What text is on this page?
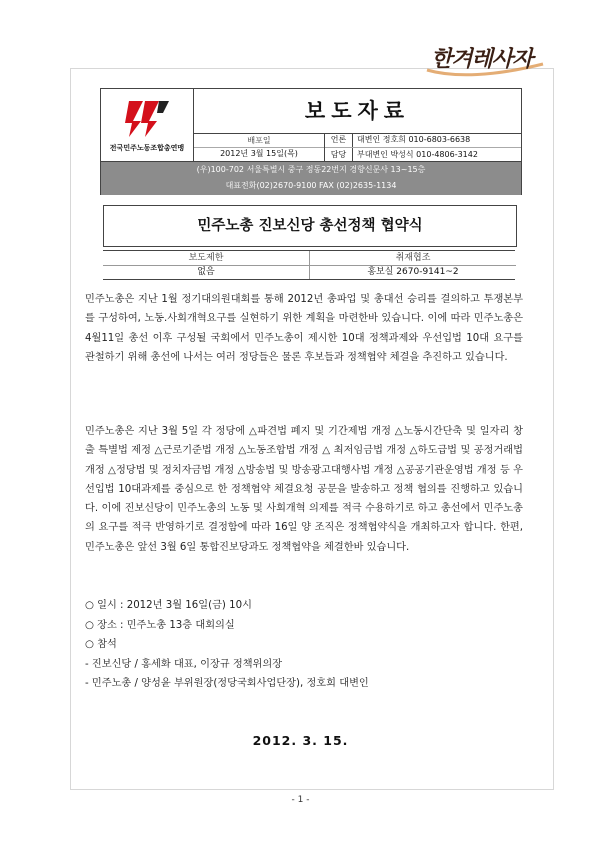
한겨레사자
전국민주노동조합총연맹
보도자료
배포일
2012년 3월 15일(목)
언론
담당
대변인 정호희 010-6803-6638
부대변인 박성식 010-4806-3142
(우)100-702 서울특별시 중구 정동22번지 경향신문사 13~15층
대표전화(02)2670-9100 FAX (02)2635-1134
민주노총 진보신당 총선정책 협약식
보도제한	취재협조
없음	홍보실 2670-9141~2

민주노총은 지난 1월 정기대의원대회를 통해 2012년 총파업 및 총대선 승리를 결의하고 투쟁본부를 구성하여, 노동.사회개혁요구를 실현하기 위한 계획을 마련한바 있습니다. 이에 따라 민주노총은 4월11일 총선 이후 구성될 국회에서 민주노총이 제시한 10대 정책과제와 우선입법 10대 요구를 관철하기 위해 총선에 나서는 여러 정당들은 물론 후보들과 정책협약 체결을 추진하고 있습니다.

민주노총은 지난 3월 5일 각 정당에 △파견법 폐지 및 기간제법 개정 △노동시간단축 및 일자리 창출 특별법 제정 △근로기준법 개정 △노동조합법 개정 △ 최저임금법 개정 △하도급법 및 공정거래법 개정 △정당법 및 정치자금법 개정 △방송법 및 방송광고대행사법 개정 △공공기관운영법 개정 등 우선입법 10대과제를 중심으로 한 정책협약 체결요청 공문을 발송하고 정책 협의를 진행하고 있습니다. 이에 진보신당이 민주노총의 노동 및 사회개혁 의제를 적극 수용하기로 하고 총선에서 민주노총의 요구를 적극 반영하기로 결정함에 따라 16일 양 조직은 정책협약식을 개최하고자 합니다. 한편, 민주노총은 앞선 3월 6일 통합진보당과도 정책협약을 체결한바 있습니다.

○ 일시 : 2012년 3월 16일(금) 10시
○ 장소 : 민주노총 13층 대회의실
○ 참석
- 진보신당 / 홍세화 대표, 이장규 정책위의장
- 민주노총 / 양성윤 부위원장(정당국회사업단장), 정호희 대변인
2012. 3. 15.
- 1 -
